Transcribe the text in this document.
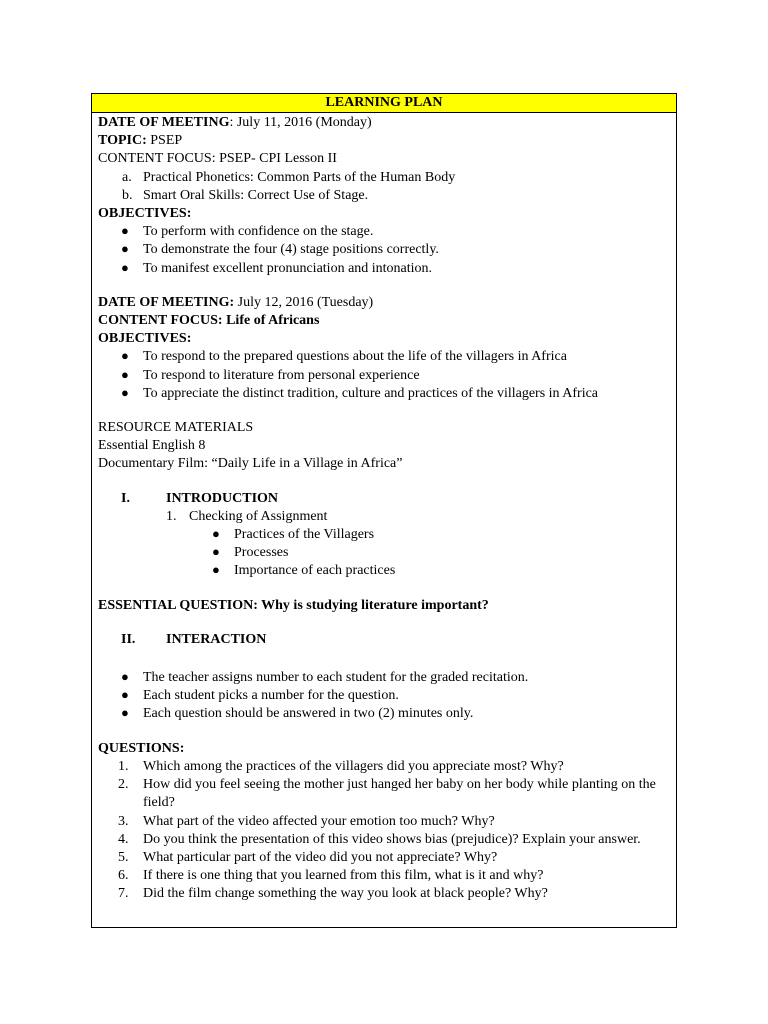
LEARNING PLAN
DATE OF MEETING: July 11, 2016 (Monday)
TOPIC: PSEP
CONTENT FOCUS: PSEP- CPI Lesson II
a. Practical Phonetics: Common Parts of the Human Body
b. Smart Oral Skills: Correct Use of Stage.
OBJECTIVES:
● To perform with confidence on the stage.
● To demonstrate the four (4) stage positions correctly.
● To manifest excellent pronunciation and intonation.
DATE OF MEETING: July 12, 2016 (Tuesday)
CONTENT FOCUS: Life of Africans
OBJECTIVES:
● To respond to the prepared questions about the life of the villagers in Africa
● To respond to literature from personal experience
● To appreciate the distinct tradition, culture and practices of the villagers in Africa
RESOURCE MATERIALS
Essential English 8
Documentary Film: “Daily Life in a Village in Africa”
I.	INTRODUCTION
1. Checking of Assignment
● Practices of the Villagers
● Processes
● Importance of each practices
ESSENTIAL QUESTION: Why is studying literature important?
II. INTERACTION
● The teacher assigns number to each student for the graded recitation.
● Each student picks a number for the question.
● Each question should be answered in two (2) minutes only.
QUESTIONS:
1. Which among the practices of the villagers did you appreciate most? Why?
2. How did you feel seeing the mother just hanged her baby on her body while planting on the field?
3. What part of the video affected your emotion too much? Why?
4. Do you think the presentation of this video shows bias (prejudice)? Explain your answer.
5. What particular part of the video did you not appreciate? Why?
6. If there is one thing that you learned from this film, what is it and why?
7. Did the film change something the way you look at black people? Why?
